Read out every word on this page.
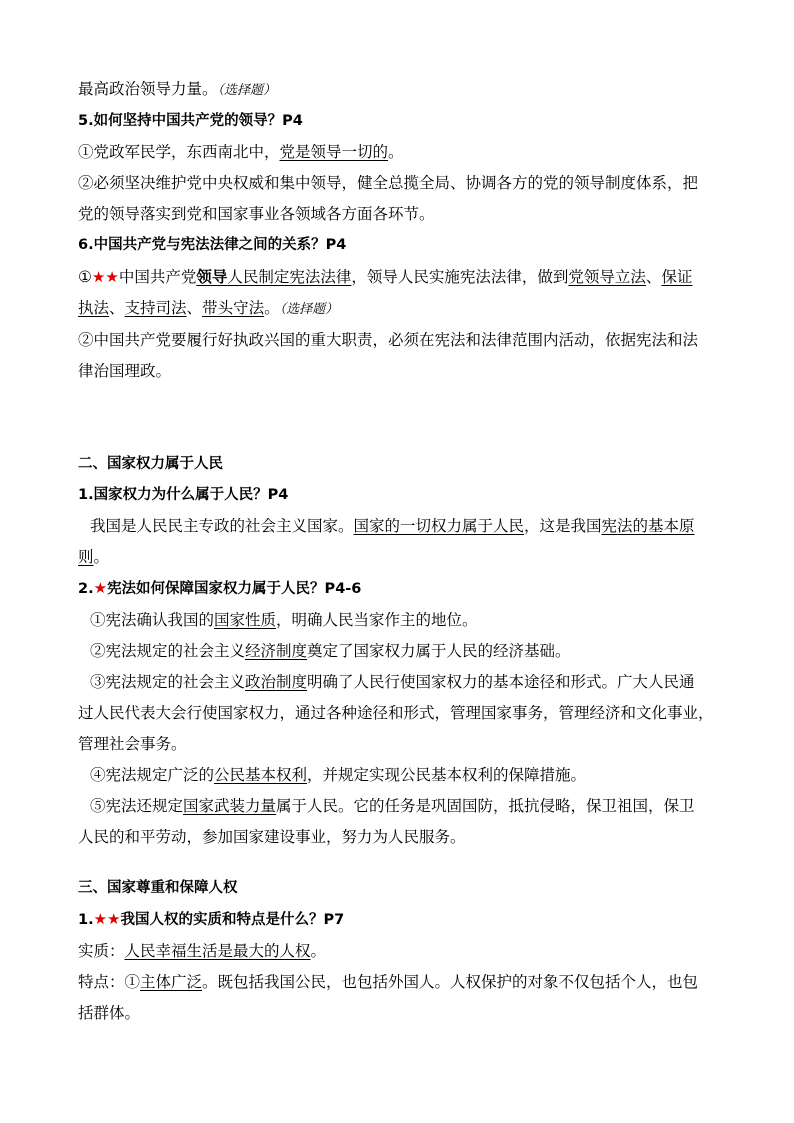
最高政治领导力量。（选择题）
5.如何坚持中国共产党的领导？P4
①党政军民学，东西南北中，党是领导一切的。
②必须坚决维护党中央权威和集中领导，健全总揽全局、协调各方的党的领导制度体系，把
党的领导落实到党和国家事业各领域各方面各环节。
6.中国共产党与宪法法律之间的关系？P4
①★★中国共产党领导人民制定宪法法律，领导人民实施宪法法律，做到党领导立法、保证
执法、支持司法、带头守法。（选择题）
②中国共产党要履行好执政兴国的重大职责，必须在宪法和法律范围内活动，依据宪法和法
律治国理政。
二、国家权力属于人民
1.国家权力为什么属于人民？P4
我国是人民民主专政的社会主义国家。国家的一切权力属于人民，这是我国宪法的基本原
则。
2.★宪法如何保障国家权力属于人民？P4-6
①宪法确认我国的国家性质，明确人民当家作主的地位。
②宪法规定的社会主义经济制度奠定了国家权力属于人民的经济基础。
③宪法规定的社会主义政治制度明确了人民行使国家权力的基本途径和形式。广大人民通
过人民代表大会行使国家权力，通过各种途径和形式，管理国家事务，管理经济和文化事业，
管理社会事务。
④宪法规定广泛的公民基本权利，并规定实现公民基本权利的保障措施。
⑤宪法还规定国家武装力量属于人民。它的任务是巩固国防，抵抗侵略，保卫祖国，保卫
人民的和平劳动，参加国家建设事业，努力为人民服务。
三、国家尊重和保障人权
1.★★我国人权的实质和特点是什么？P7
实质：人民幸福生活是最大的人权。
特点：①主体广泛。既包括我国公民，也包括外国人。人权保护的对象不仅包括个人，也包
括群体。
